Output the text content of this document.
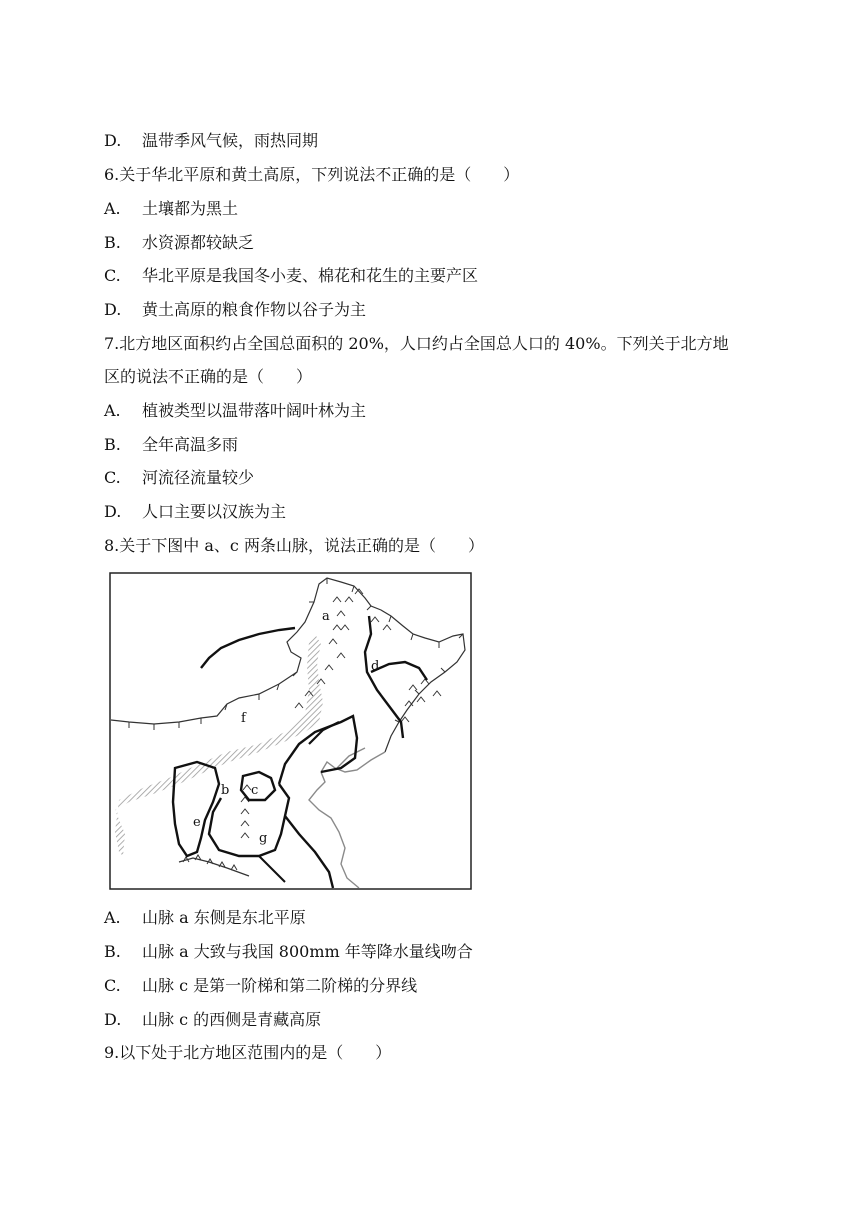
D. 温带季风气候，雨热同期
6.关于华北平原和黄土高原，下列说法不正确的是（　　）
A. 土壤都为黑土
B. 水资源都较缺乏
C. 华北平原是我国冬小麦、棉花和花生的主要产区
D. 黄土高原的粮食作物以谷子为主
7.北方地区面积约占全国总面积的 20%，人口约占全国总人口的 40%。下列关于北方地
区的说法不正确的是（　　）
A. 植被类型以温带落叶阔叶林为主
B. 全年高温多雨
C. 河流径流量较少
D. 人口主要以汉族为主
8.关于下图中 a、c 两条山脉，说法正确的是（　　）
a
d
f
b c
e
g
A. 山脉 a 东侧是东北平原
B. 山脉 a 大致与我国 800mm 年等降水量线吻合
C. 山脉 c 是第一阶梯和第二阶梯的分界线
D. 山脉 c 的西侧是青藏高原
9.以下处于北方地区范围内的是（　　）
